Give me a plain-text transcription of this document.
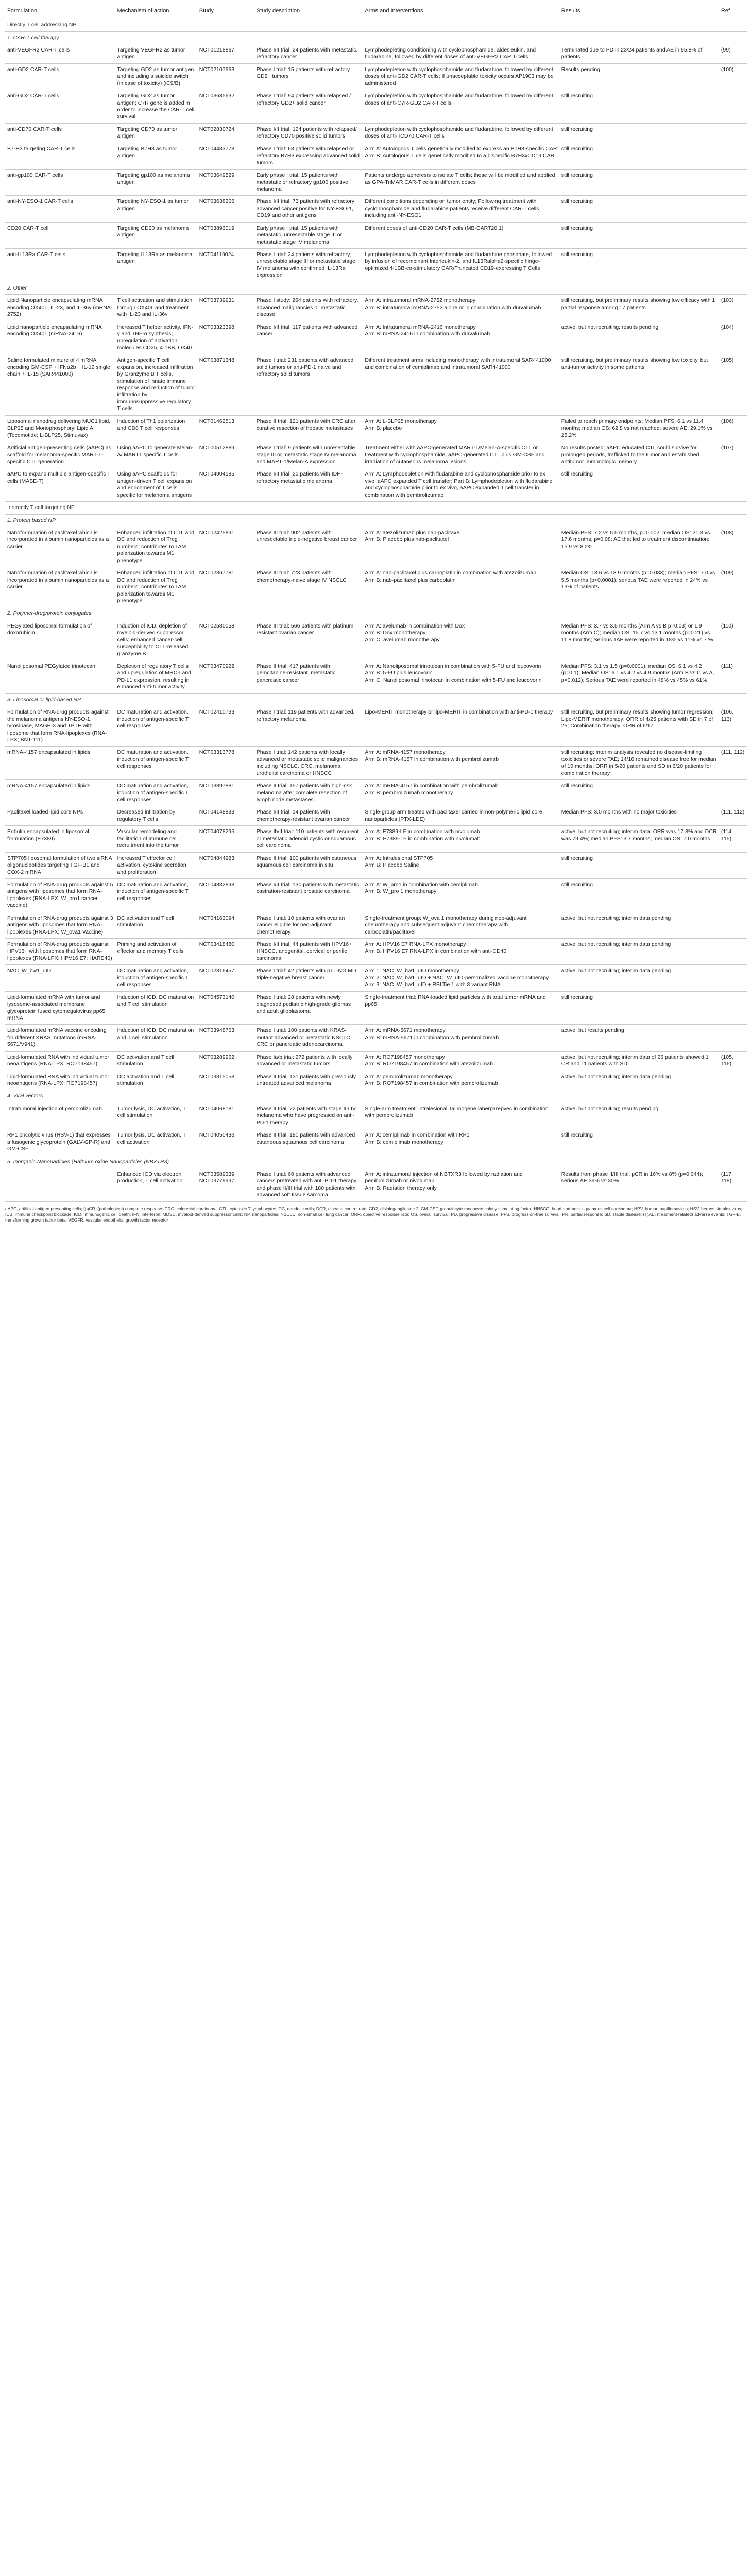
Formulation	Mechanism of action	Study	Study description	Arms and Interventions	Results	Ref
Directly T cell addressing NP						
1. CAR-T cell therapy						
anti-VEGFR2 CAR-T cells	Targeting VEGFR2 as tumor antigen	NCT01218867	Phase I/II trial: 24 patients with metastatic, refractory cancer	Lymphodepleting conditioning with cyclophosphamide, aldesleukin, and fludarabine, followed by different doses of anti-VEGFR2 CAR T-cells	Terminated due to PD in 23/24 patients and AE in 95.8% of patients	(99)
anti-GD2 CAR-T cells	Targeting GD2 as tumor antigen and including a suicide switch (in case of toxicity) (iC9/B)	NCT02107963	Phase I trial: 15 patients with refractory GD2+ tumors	Lymphodepletion with cyclophosphamide and fludarabine, followed by different doses of anti-GD2 CAR-T cells; If unacceptable toxicity occurs AP1903 may be administered	Results pending	(100)
anti-GD2 CAR-T cells	Targeting GD2 as tumor antigen; C7R gene is added in order to increase the CAR-T cell survival	NCT03635632	Phase I trial: 94 patients with relapsed / refractory GD2+ solid cancer	Lymphodepletion with cyclophosphamide and fludarabine, followed by different doses of anti-C7R-GD2 CAR-T cells	still recruiting	
anti-CD70 CAR-T cells	Targeting CD70 as tumor antigen	NCT02830724	Phase I/II trial: 124 patients with relapsed/ refractory CD70 positive solid tumors	Lymphodepletion with cyclophosphamide and fludarabine, followed by different doses of anti-hCD70 CAR-T cells	still recruiting	
B7-H3 targeting CAR-T cells	Targeting B7H3 as tumor antigen	NCT04483778	Phase I trial: 68 patients with relapsed or refractory B7H3 expressing advanced solid tumors	Arm A: Autologous T cells genetically modified to express an B7H3-specific CAR
Arm B: Autologous T cells genetically modified to a bispecific B7H3xCD19 CAR	still recruiting	
anti-gp100 CAR-T cells	Targeting gp100 as melanoma antigen	NCT03649529	Early phase I trial: 15 patients with metastatic or refractory gp100 positive melanoma	Patients undergo apheresis to isolate T cells; these will be modified and applied as GPA-TriMAR CAR-T cells in different doses	still recruiting	
anti-NY-ESO-1 CAR-T cells	Targeting NY-ESO-1 as tumor antigen	NCT03638206	Phase I/II trial: 73 patients with refractory advanced cancer positive for NY-ESO-1, CD19 and other antigens	Different conditions depending on tumor entity; Following treatment with cyclophosphamide and fludarabine patients receive different CAR-T cells including anti-NY-ESO1	still recruiting	
CD20 CAR-T cell	Targeting CD20 as melanoma antigen	NCT03893019	Early phase I trial: 15 patients with metastatic, unresectable stage III or metastatic stage IV melanoma	Different doses of anti-CD20 CAR-T cells (MB-CART20.1)	still recruiting	
anti-IL13Ra CAR-T cells	Targeting IL13Ra as melanoma antigen	NCT04119024	Phase I trial: 24 patients with refractory, unresectable stage III or metastatic stage IV melanoma with confirmed IL-13Ra expression	Lymphodepletion with cyclophosphamide and fludarabine phosphate, followed by infusion of recombinant Interleukin-2, and IL13Ralpha2-specific hinge-optimized 4-1BB-co-stimulatory CAR/Truncated CD19-expressing T Cells	still recruiting	
2. Other						
Lipid Nanoparticle encapsulating mRNA encoding OX40L, IL-23, and IL-36γ (mRNA-2752)	T cell activation and stimulation through OX40L and treatment with IL-23 and IL-36γ	NCT03739931	Phase I study: 264 patients with refractory, advanced malignancies or metastatic disease	Arm A: intratumoral mRNA-2752 monotherapy
Arm B: intratumoral mRNA-2752 alone or in combination with durvalumab	still recruiting, but preliminary results showing low efficacy with 1 partial response among 17 patients	(103)
Lipid nanoparticle encapsulating mRNA encoding OX40L (mRNA-2416)	Increased T helper activity, IFN-γ and TNF-α synthesis; upregulation of activation molecules CD25, 4-1BB, OX40	NCT03323398	Phase I/II trial: 117 patients with advanced cancer	Arm A: Intratumoral mRNA-2416 monotherapy
Arm B: mRNA-2416 in combination with durvalumab	active, but not recruiting; results pending	(104)
Saline formulated mixture of 4 mRNA encoding GM-CSF + IFNα2b + IL-12 single chain + IL-15 (SAR441000)	Antigen-specific T cell expansion, increased infiltration by Granzyme B T cells, stimulation of innate immune response and reduction of tumor infiltration by immunosuppressive regulatory T cells	NCT03871348	Phase I trial: 231 patients with advanced solid tumors or anti-PD-1 naive and refractory solid tumors	Different treatment arms including monotherapy with intratumoral SAR441000 and combination of cemiplimab and intratumoral SAR441000	still recruiting, but preliminary results showing low toxicity, but anti-tumor activity in some patients	(105)
Liposomal nanodrug delivering MUC1 lipid, BLP25 and Monophosphoryl Lipid A (Tecemotide; L-BLP25, Stimuvax)	Induction of Th1 polarization and CD8 T cell responses	NCT01462513	Phase II trial: 121 patients with CRC after curative resection of hepatic metastases	Arm A: L-BLP25 monotherapy
Arm B: placebo	Failed to reach primary endpoints; Median PFS: 6.1 vs 11.4 months; median OS: 62.8 vs not reached; severe AE: 29.1% vs 25.2%	(106)
Artificial antigen-presenting cells (aAPC) as scaffold for melanoma-specific MART-1-specific CTL generation	Using aAPC to generate Melan-A/ MART1 specific T cells	NCT00512889	Phase I trial: 9 patients with unresectable stage III or metastatic stage IV melanoma and MART-1/Melan-A expression	Treatment either with aAPC-generated MART-1/Melan-A-specific CTL or treatment with cyclophosphamide, aAPC-generated CTL plus GM-CSF and irradiation of cutaneous melanoma lesions	No results posted; aAPC educated CTL could survive for prolonged periods, trafficked to the tumor and established antitumor immunologic memory	(107)
aAPC to expand multiple antigen-specific T cells (MASE-T)	Using aAPC scaffolds for antigen-driven T cell expansion and enrichment of T cells specific for melanoma antigens	NCT04904185	Phase I/II trial: 20 patients with IDH-refractory metastatic melanoma	Arm A: Lymphodepletion with fludarabine and cyclophosphamide prior to ex vivo, aAPC expanded T cell transfer; Part B: Lymphodepletion with fludarabine and cyclophosphamide prior to ex vivo, aAPC expanded T cell transfer in combination with pembrolizumab	still recruiting	
Indirectly T cell targeting NP						
1. Protein based NP						
Nanoformulation of paclitaxel which is incorporated in albumin nanoparticles as a carrier	Enhanced infiltration of CTL and DC and reduction of Treg numbers; contributes to TAM polarization towards M1 phenotype	NCT02425891	Phase III trial: 902 patients with unresectable triple-negative breast cancer	Arm A: atezolizumab plus nab-paclitaxel
Arm B: Placebo plus nab-paclitaxel	Median PFS: 7.2 vs 5.5 months, p=0.002; median OS: 21.3 vs 17.6 months, p=0.08; AE that led to treatment discontinuation: 15.9 vs 8.2%	(108)
Nanoformulation of paclitaxel which is incorporated in albumin nanoparticles as a carrier	Enhanced infiltration of CTL and DC and reduction of Treg numbers; contributes to TAM polarization towards M1 phenotype	NCT02367781	Phase III trial: 723 patients with chemotherapy-naive stage IV NSCLC	Arm A: nab-paclitaxel plus carboplatin in combination with atezolizumab
Arm B: nab-paclitaxel plus carboplatin	Median OS: 18.6 vs 13.9 months (p=0.033); median PFS: 7.0 vs 5.5 months (p<0.0001), serious TAE were reported in 24% vs 13% of patients	(109)
2. Polymer-drug/protein conjugates						
PEGylated liposomal formulation of doxorubicin	Induction of ICD, depletion of myeloid-derived suppressor cells; enhanced cancer-cell susceptibility to CTL-released granzyme B	NCT02580058	Phase III trial: 566 patients with platinum resistant ovarian cancer	Arm A: avelumab in combination with Dox
Arm B: Dox monotherapy
Arm C: avelumab monotherapy	Median PFS: 3.7 vs 3.5 months (Arm A vs B p=0.03) or 1.9 months (Arm C); median OS: 15.7 vs 13.1 months (p=0.21) vs 11.8 months; Serious TAE were reported in 18% vs 11% vs 7 %	(110)
Nanoliposomal PEGylated irinotecan	Depletion of regulatory T cells and upregulation of MHC-I and PD-L1 expression, resulting in enhanced anti-tumor activity	NCT03470922	Phase II trial: 417 patients with gemcitabine-resistant, metastatic pancreatic cancer	Arm A: Nanoliposomal irinotecan in combination with 5-FU and leucovorin
Arm B: 5-FU plus leucovorin
Arm C: Nanoliposomal irinotecan in combination with 5-FU and leucovorin	Median PFS: 3.1 vs 1.5 (p=0.0001), median OS: 6.1 vs 4.2 (p=0.1); Median OS: 6.1 vs 4.2 vs 4.9 months (Arm B vs C vs A, p=0.012); Serious TAE were reported in 48% vs 45% vs 61%	(111)
3. Liposomal or lipid-based NP						
Formulation of RNA-drug products against the melanoma antigens NY-ESO-1, tyrosinase, MAGE-3 and TPTE with liposome that form RNA-lipoplexes (RNA-LPX; BNT-111)	DC maturation and activation, induction of antigen-specific T cell responses	NCT02410733	Phase I trial: 119 patients with advanced, refractory melanoma	Lipo-MERIT monotherapy or lipo-MERIT in combination with anti-PD-1 therapy	still recruiting, but preliminary results showing tumor regression; Lipo-MERIT monotherapy: ORR of 4/25 patients with SD in 7 of 25; Combination therapy: ORR of 6/17	(106, 113)
mRNA-4157 encapsulated in lipids	DC maturation and activation, induction of antigen-specific T cell responses	NCT03313778	Phase I trial: 142 patients with locally advanced or metastatic solid malignancies including NSCLC, CRC, melanoma, urothelial carcinoma or HNSCC	Arm A: mRNA-4157 monotherapy
Arm B: mRNA-4157 in combination with pembrolizumab	still recruiting; interim analysis revealed no disease-limiting toxicities or severe TAE; 14/16 remained disease free for median of 10 months; ORR in 5/20 patients and SD in 6/20 patients for combination therapy	(111, 112)
mRNA-4157 encapsulated in lipids	DC maturation and activation, induction of antigen-specific T cell responses	NCT03897881	Phase II trial: 157 patients with high-risk melanoma after complete resection of lymph node metastases	Arm A: mRNA-4157 in combination with pembrolizumab
Arm B: pembrolizumab monotherapy	still recruiting	
Paclitaxel loaded lipid core NPs	Decreased infiltration by regulatory T cells	NCT04148833	Phase I/II trial: 14 patients with chemotherapy-resistant ovarian cancer	Single-group arm treated with paclitaxel carried in non-polymeric lipid core nanoparticles (PTX-LDE)	Median PFS: 3.0 months with no major toxicities	(111, 112)
Eribulin encapsulated in liposomal formulation (E7389)	Vascular remodeling and facilitation of immune cell recruitment into the tumor	NCT04078295	Phase Ib/II trial: 110 patients with recurrent or metastatic adenoid cystic or squamous cell carcinoma	Arm A: E7389-LF in combination with nivolumab
Arm B: E7389-LF in combination with nivolumab	active, but not recruiting; interim data: ORR was 17.8% and DCR was 79.4%; median PFS: 3.7 months; median OS: 7.0 months	(114, 115)
STP705 liposomal formulation of two siRNA oligonucleotides targeting TGF-B1 and COX-2 mRNA	Increased T effector cell activation, cytokine secretion and proliferation	NCT04844983	Phase II trial: 100 patients with cutaneous squamous cell carcinoma in situ	Arm A: Intralesional STP705
Arm B: Placebo Saline	still recruiting	
Formulation of RNA-drug products against 5 antigens with liposomes that form RNA-lipoplexes (RNA-LPX; W_pro1 cancer vaccine)	DC maturation and activation, induction of antigen-specific T cell responses	NCT04382898	Phase I/II trial: 130 patients with metastatic castration-resistant prostate carcinoma	Arm A: W_pro1 in combination with cemiplimab
Arm B: W_pro 1 monotherapy	still recruiting	
Formulation of RNA-drug products against 3 antigens with liposomes that form RNA-lipoplexes (RNA-LPX; W_ova1 Vaccine)	DC activation and T cell stimulation	NCT04163094	Phase I trial: 10 patients with ovarian cancer eligible for neo-adjuvant chemotherapy	Single-treatment group: W_ova 1 monotherapy during neo-adjuvant chemotherapy and subsequent adjuvant chemotherapy with carboplatin/paclitaxel	active, but not recruiting; interim data pending	
Formulation of RNA-drug products against HPV16+ with liposomes that form RNA-lipoplexes (RNA-LPX; HPV16 E7; HARE40)	Priming and activation of effector and memory T cells	NCT03418480	Phase I/II trial: 44 patients with HPV16+ HNSCC, anogenital, cervical or penile carcinoma	Arm A: HPV16 E7 RNA-LPX monotherapy
Arm B: HPV16 E7 RNA-LPX in combination with anti-CD40	active, but not recruiting; interim data pending	
NAC_W_bw1_uID	DC maturation and activation, induction of antigen-specific T cell responses	NCT02316457	Phase I trial: 42 patients with pTL-NG MD triple-negative breast cancer	Arm 1: NAC_W_bw1_uID monotherapy
Arm 2: NAC_W_bw1_uID + NAC_W_uID-personalized vaccine monotherapy
Arm 3: NAC_W_bw1_uID + RBLTie.1 with 3 variant RNA	active, but not recruiting; interim data pending	
Lipid-formulated mRNA with tumor and lysosome-associated membrane glycoprotein fused cytomegalovirus pp65 mRNA	Induction of ICD, DC maturation and T cell stimulation	NCT04573140	Phase I trial: 28 patients with newly diagnosed pediatric high-grade gliomas and adult glioblastoma	Single-treatment trial: RNA-loaded lipid particles with total tumor mRNA and pp65	still recruiting	
Lipid-formulated mRNA vaccine encoding for different KRAS mutations (mRNA-5671/V941)	Induction of ICD, DC maturation and T cell stimulation	NCT03948763	Phase I trial: 100 patients with KRAS-mutant advanced or metastatic NSCLC, CRC or pancreatic adenocarcinoma	Arm A: mRNA-5671 monotherapy
Arm B: mRNA-5671 in combination with pembrolizumab	active, but results pending	
Lipid-formulated RNA with individual tumor neoantigens (RNA-LPX; RO7198457)	DC activation and T cell stimulation	NCT03289962	Phase Ia/b trial: 272 patients with locally advanced or metastatic tumors	Arm A: RO7198457 monotherapy
Arm B: RO7198457 in combination with atezolizumab	active, but not recruiting; interim data of 26 patients showed 1 CR and 11 patients with SD	(105, 116)
Lipid-formulated RNA with individual tumor neoantigens (RNA-LPX; RO7198457)	DC activation and T cell stimulation	NCT03815058	Phase II trial: 131 patients with previously untreated advanced melanoma	Arm A: pembrolizumab monotherapy
Arm B: RO7198457 in combination with pembrolizumab	active, but not recruiting; interim data pending	
4. Viral vectors						
Intratumoral injection of pembrolizumab	Tumor lysis, DC activation, T cell stimulation	NCT04068181	Phase II trial: 72 patients with stage III/ IV melanoma who have progressed on anti-PD-1 therapy	Single-arm treatment: intralesional Talimogene laherparepvec in combination with pembrolizumab	active, but not recruiting; results pending	
RP1 oncolytic virus (HSV-1) that expresses a fusogenic glycoprotein (GALV-GP-R) and GM-CSF	Tumor lysis, DC activation, T cell activation	NCT04050436	Phase II trial: 180 patients with advanced cutaneous squamous cell carcinoma	Arm A: cemiplimab in combination with RP1
Arm B: cemiplimab monotherapy	still recruiting	
5. Inorganic Nanoparticles (Hafnium oxide Nanoparticles (NBXTR3)						
	Enhanced ICD via electron production, T cell activation	NCT03589339
NCT03779997	Phase I trial: 60 patients with advanced cancers pretreated with anti-PD-1 therapy and phase II/III trial with 180 patients with advanced soft tissue sarcoma	Arm A: intratumoral injection of NBTXR3 followed by radiation and pembrolizumab or nivolumab
Arm B: Radiation therapy only	Results from phase II/III trial: pCR in 16% vs 8% (p=0.044); serious AE 39% vs 30%	(117, 118)
aAPC, artificial antigen presenting cells; (p)CR, (pathological) complete response; CRC, colorectal carcinoma; CTL, cytotoxic T lymphocytes; DC, dendritic cells; DCR, disease control rate; GD2, disialoganglioside 2; GM-CSF, granulocyte-monocyte colony stimulating factor; HNSCC, head-and-neck squamous cell carcinoma; HPV, human papillomavirus; HSV, herpes simplex virus; ICB, immune checkpoint blockade; ICD, immunogenic cell death; IFN, interferon; MDSC, myeloid-derived suppressor cells; NP, nanoparticles; NSCLC, non-small cell lung cancer; ORR, objective response rate; OS, overall survival; PD, progressive disease; PFS, progression-free survival; PR, partial response; SD, stable disease; (T)AE, (treatment-related) adverse events; TGF-B, transforming growth factor beta; VEGFR, vascular endothelial growth factor receptor
